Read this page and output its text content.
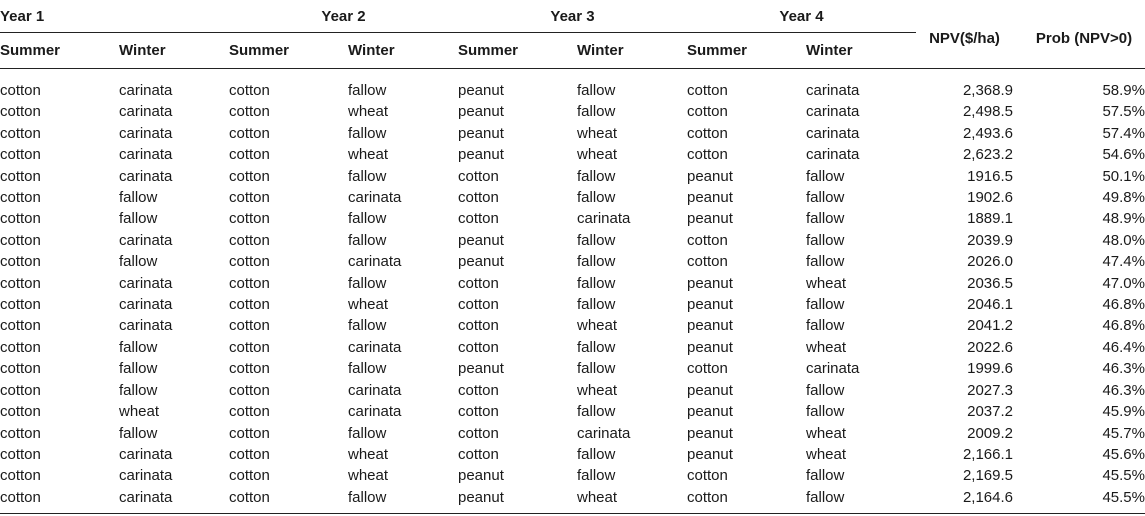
Year 1		Year 2		Year 3		Year 4		NPV($/ha)	Prob (NPV>0)
Summer	Winter	Summer	Winter	Summer	Winter	Summer	Winter		

cotton	carinata	cotton	fallow	peanut	fallow	cotton	carinata	2,368.9	58.9%
cotton	carinata	cotton	wheat	peanut	fallow	cotton	carinata	2,498.5	57.5%
cotton	carinata	cotton	fallow	peanut	wheat	cotton	carinata	2,493.6	57.4%
cotton	carinata	cotton	wheat	peanut	wheat	cotton	carinata	2,623.2	54.6%
cotton	carinata	cotton	fallow	cotton	fallow	peanut	fallow	1916.5	50.1%
cotton	fallow	cotton	carinata	cotton	fallow	peanut	fallow	1902.6	49.8%
cotton	fallow	cotton	fallow	cotton	carinata	peanut	fallow	1889.1	48.9%
cotton	carinata	cotton	fallow	peanut	fallow	cotton	fallow	2039.9	48.0%
cotton	fallow	cotton	carinata	peanut	fallow	cotton	fallow	2026.0	47.4%
cotton	carinata	cotton	fallow	cotton	fallow	peanut	wheat	2036.5	47.0%
cotton	carinata	cotton	wheat	cotton	fallow	peanut	fallow	2046.1	46.8%
cotton	carinata	cotton	fallow	cotton	wheat	peanut	fallow	2041.2	46.8%
cotton	fallow	cotton	carinata	cotton	fallow	peanut	wheat	2022.6	46.4%
cotton	fallow	cotton	fallow	peanut	fallow	cotton	carinata	1999.6	46.3%
cotton	fallow	cotton	carinata	cotton	wheat	peanut	fallow	2027.3	46.3%
cotton	wheat	cotton	carinata	cotton	fallow	peanut	fallow	2037.2	45.9%
cotton	fallow	cotton	fallow	cotton	carinata	peanut	wheat	2009.2	45.7%
cotton	carinata	cotton	wheat	cotton	fallow	peanut	wheat	2,166.1	45.6%
cotton	carinata	cotton	wheat	peanut	fallow	cotton	fallow	2,169.5	45.5%
cotton	carinata	cotton	fallow	peanut	wheat	cotton	fallow	2,164.6	45.5%
